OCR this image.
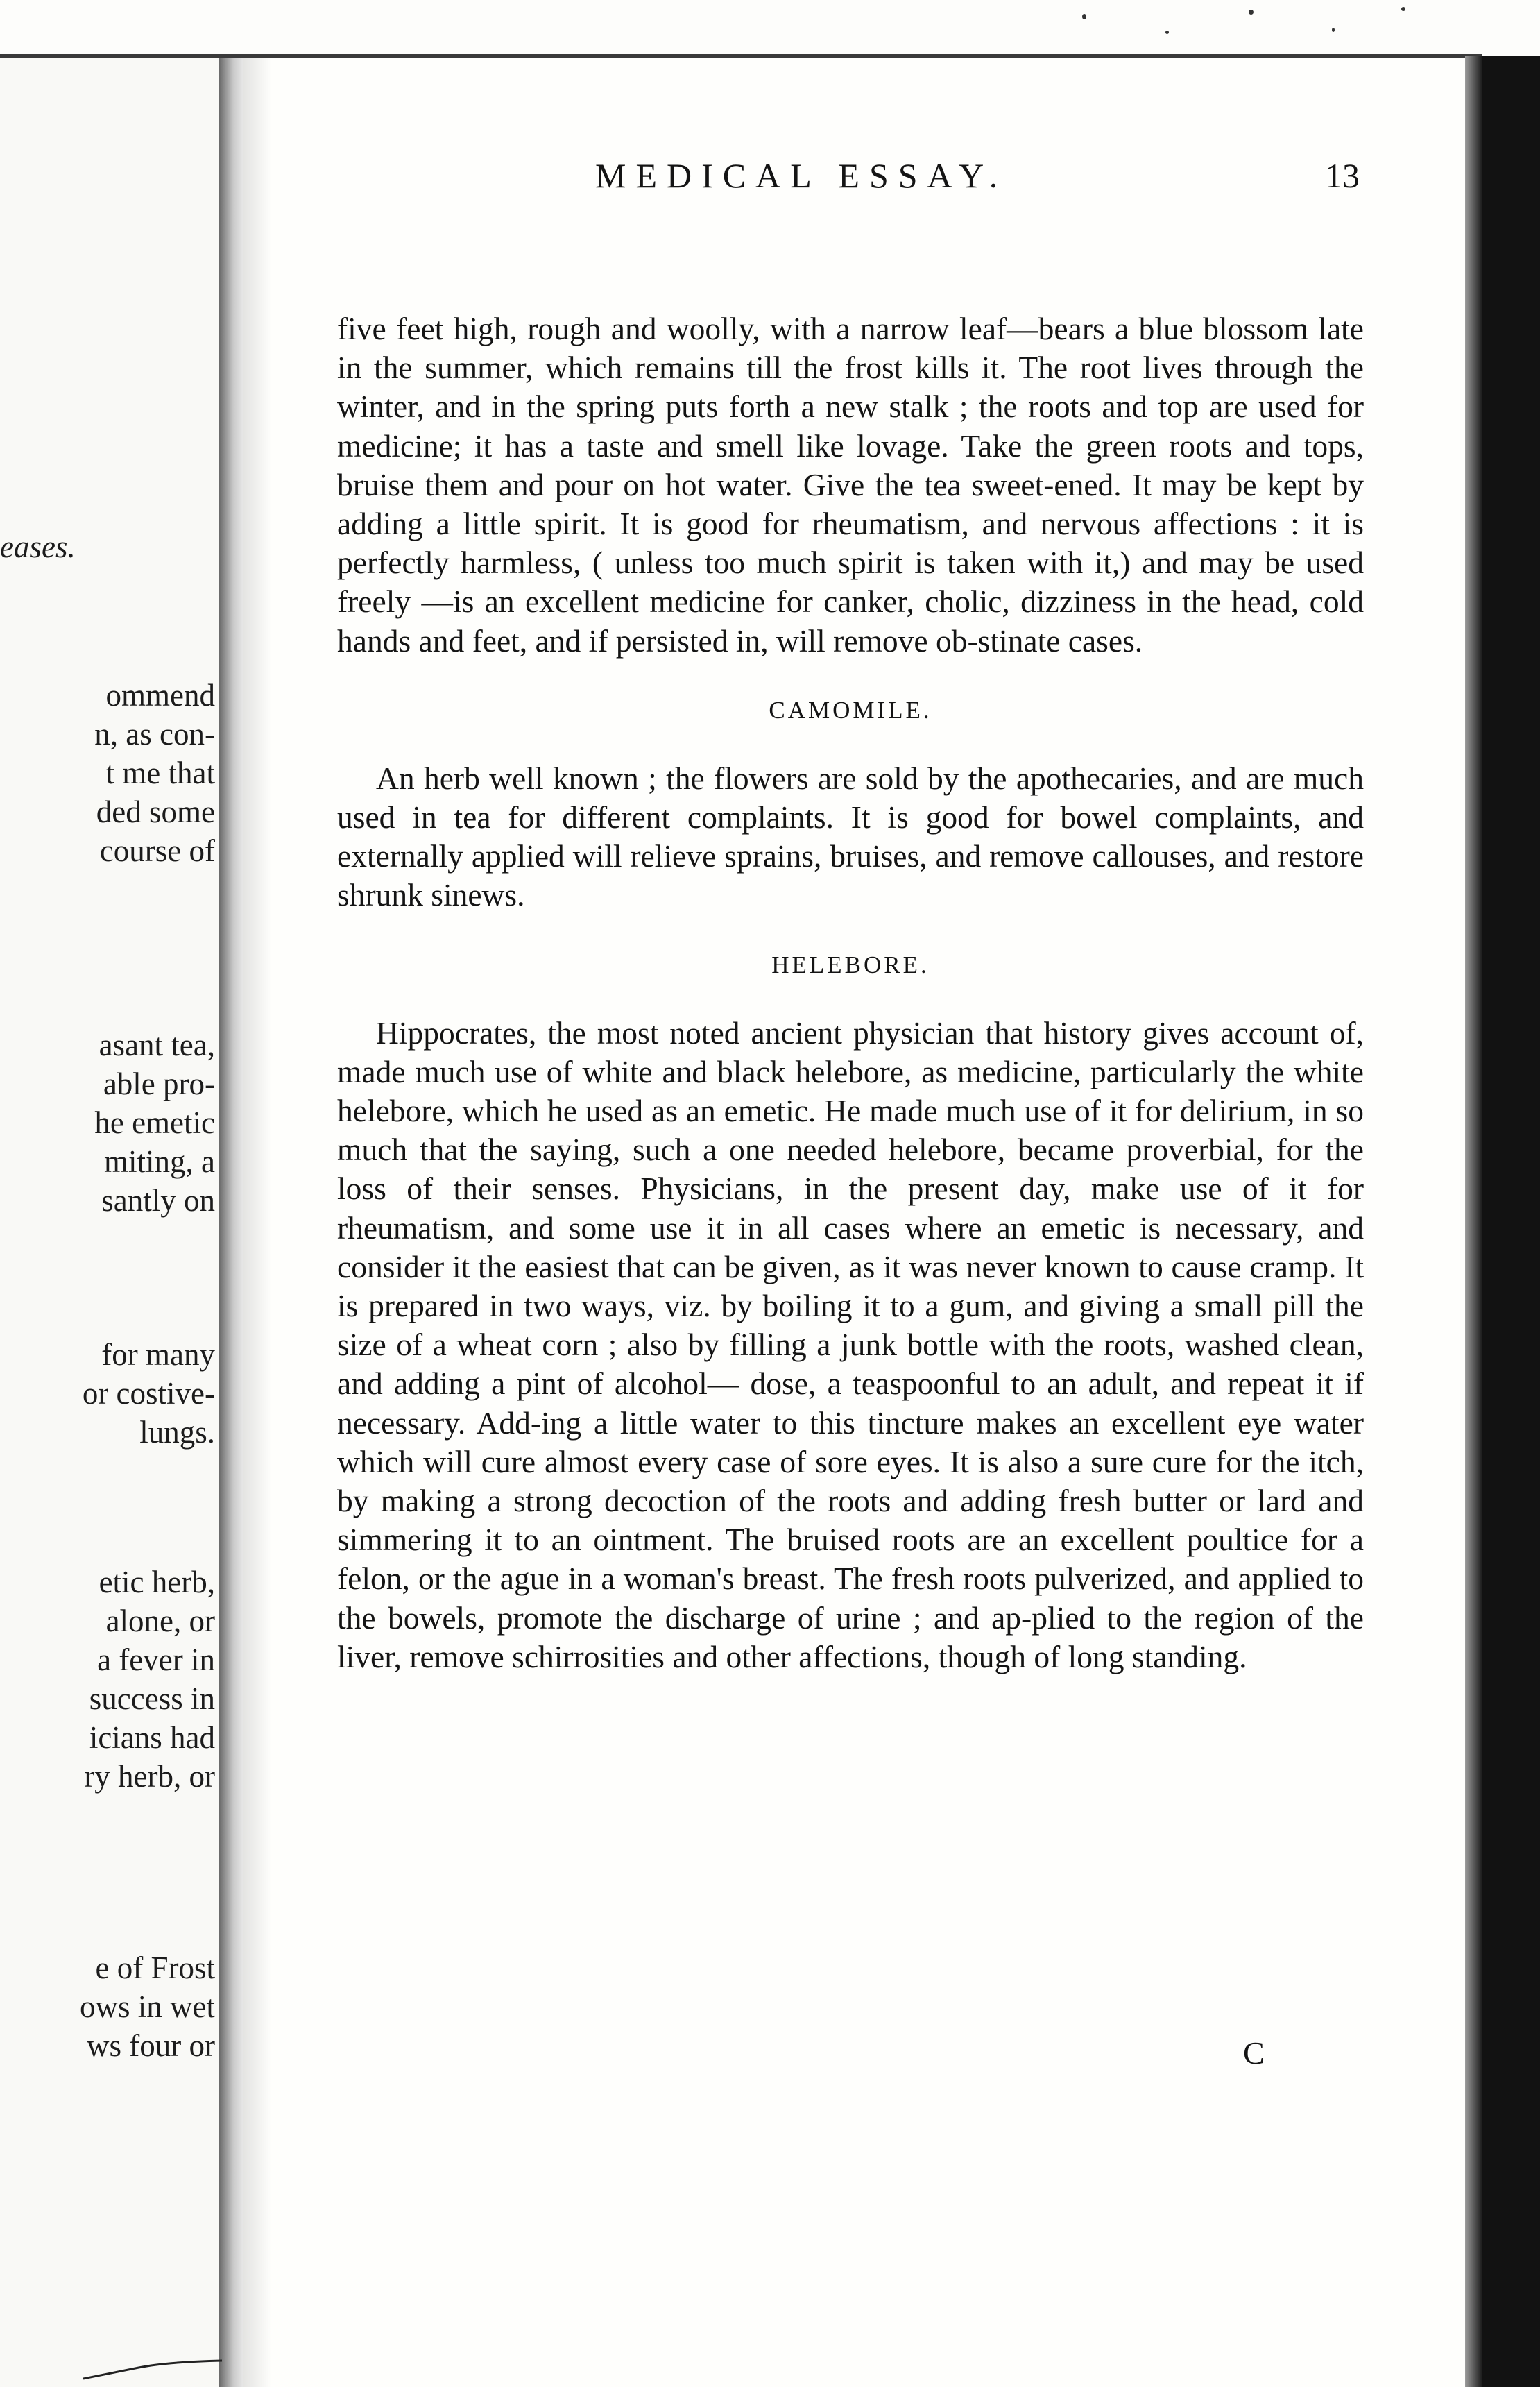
eases.
ommend
n, as con-
t me that
ded some
course of
asant tea,
able pro-
he emetic
miting, a
santly on
for many
or costive-
lungs.
etic herb,
alone, or
a fever in
success in
icians had
ry herb, or
e of Frost
ows in wet
ws four or
MEDICAL ESSAY.	13

five feet high, rough and woolly, with a narrow leaf—bears a blue blossom late in the summer, which remains till the frost kills it. The root lives through the winter, and in the spring puts forth a new stalk ; the roots and top are used for medicine; it has a taste and smell like lovage. Take the green roots and tops, bruise them and pour on hot water. Give the tea sweet-ened. It may be kept by adding a little spirit. It is good for rheumatism, and nervous affections : it is perfectly harmless, ( unless too much spirit is taken with it,) and may be used freely —is an excellent medicine for canker, cholic, dizziness in the head, cold hands and feet, and if persisted in, will remove ob-stinate cases.

CAMOMILE.

An herb well known ; the flowers are sold by the apothecaries, and are much used in tea for different complaints. It is good for bowel complaints, and externally applied will relieve sprains, bruises, and remove callouses, and restore shrunk sinews.

HELEBORE.

Hippocrates, the most noted ancient physician that history gives account of, made much use of white and black helebore, as medicine, particularly the white helebore, which he used as an emetic. He made much use of it for delirium, in so much that the saying, such a one needed helebore, became proverbial, for the loss of their senses. Physicians, in the present day, make use of it for rheumatism, and some use it in all cases where an emetic is necessary, and consider it the easiest that can be given, as it was never known to cause cramp. It is prepared in two ways, viz. by boiling it to a gum, and giving a small pill the size of a wheat corn ; also by filling a junk bottle with the roots, washed clean, and adding a pint of alcohol— dose, a teaspoonful to an adult, and repeat it if necessary. Add-ing a little water to this tincture makes an excellent eye water which will cure almost every case of sore eyes. It is also a sure cure for the itch, by making a strong decoction of the roots and adding fresh butter or lard and simmering it to an ointment. The bruised roots are an excellent poultice for a felon, or the ague in a woman's breast. The fresh roots pulverized, and applied to the bowels, promote the discharge of urine ; and ap-plied to the region of the liver, remove schirrosities and other affections, though of long standing.

C
